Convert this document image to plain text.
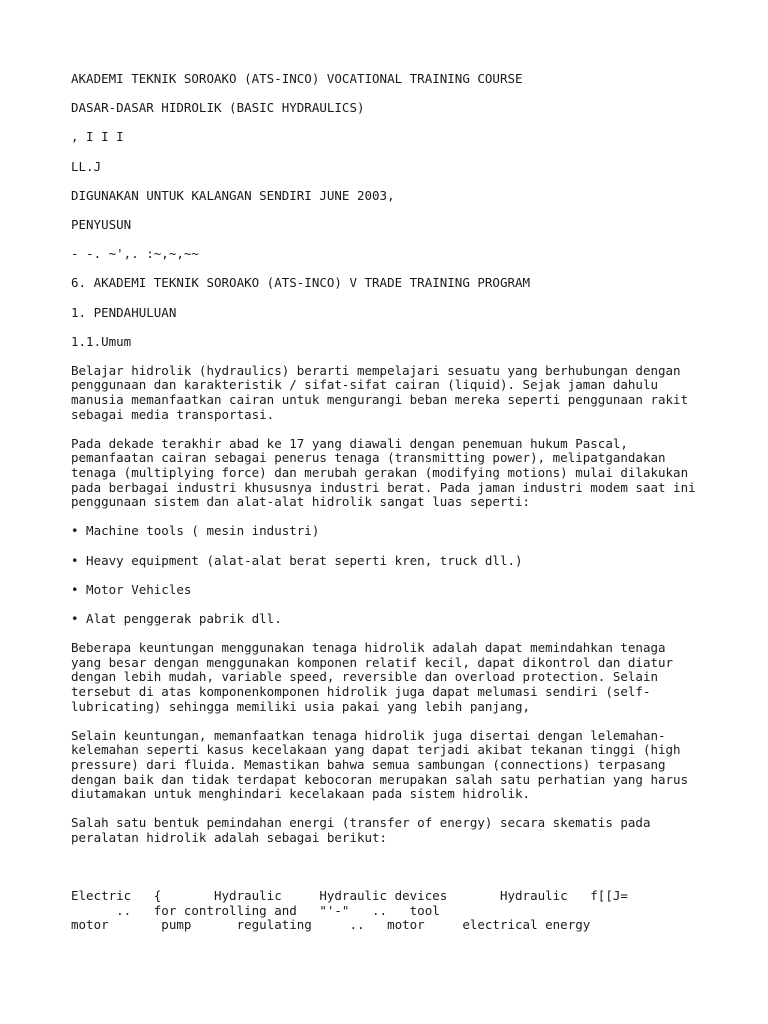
AKADEMI TEKNIK SOROAKO (ATS-INCO) VOCATIONAL TRAINING COURSE

DASAR-DASAR HIDROLIK (BASIC HYDRAULICS)

, I I I

LL.J

DIGUNAKAN UNTUK KALANGAN SENDIRI JUNE 2003,

PENYUSUN

- -. ~',. :~,~,~~

6. AKADEMI TEKNIK SOROAKO (ATS-INCO) V TRADE TRAINING PROGRAM

1. PENDAHULUAN

1.1.Umum

Belajar hidrolik (hydraulics) berarti mempelajari sesuatu yang berhubungan dengan
penggunaan dan karakteristik / sifat-sifat cairan (liquid). Sejak jaman dahulu
manusia memanfaatkan cairan untuk mengurangi beban mereka seperti penggunaan rakit
sebagai media transportasi.

Pada dekade terakhir abad ke 17 yang diawali dengan penemuan hukum Pascal,
pemanfaatan cairan sebagai penerus tenaga (transmitting power), melipatgandakan
tenaga (multiplying force) dan merubah gerakan (modifying motions) mulai dilakukan
pada berbagai industri khususnya industri berat. Pada jaman industri modem saat ini
penggunaan sistem dan alat-alat hidrolik sangat luas seperti:

• Machine tools ( mesin industri)

• Heavy equipment (alat-alat berat seperti kren, truck dll.)

• Motor Vehicles

• Alat penggerak pabrik dll.

Beberapa keuntungan menggunakan tenaga hidrolik adalah dapat memindahkan tenaga
yang besar dengan menggunakan komponen relatif kecil, dapat dikontrol dan diatur
dengan lebih mudah, variable speed, reversible dan overload protection. Selain
tersebut di atas komponenkomponen hidrolik juga dapat melumasi sendiri (self-
lubricating) sehingga memiliki usia pakai yang lebih panjang,

Selain keuntungan, memanfaatkan tenaga hidrolik juga disertai dengan lelemahan-
kelemahan seperti kasus kecelakaan yang dapat terjadi akibat tekanan tinggi (high
pressure) dari fluida. Memastikan bahwa semua sambungan (connections) terpasang
dengan baik dan tidak terdapat kebocoran merupakan salah satu perhatian yang harus
diutamakan untuk menghindari kecelakaan pada sistem hidrolik.

Salah satu bentuk pemindahan energi (transfer of energy) secara skematis pada
peralatan hidrolik adalah sebagai berikut:

Electric   {       Hydraulic     Hydraulic devices       Hydraulic   f[[J=

..   for controlling and   "'-"   ..   tool

motor       pump      regulating     ..   motor     electrical energy
